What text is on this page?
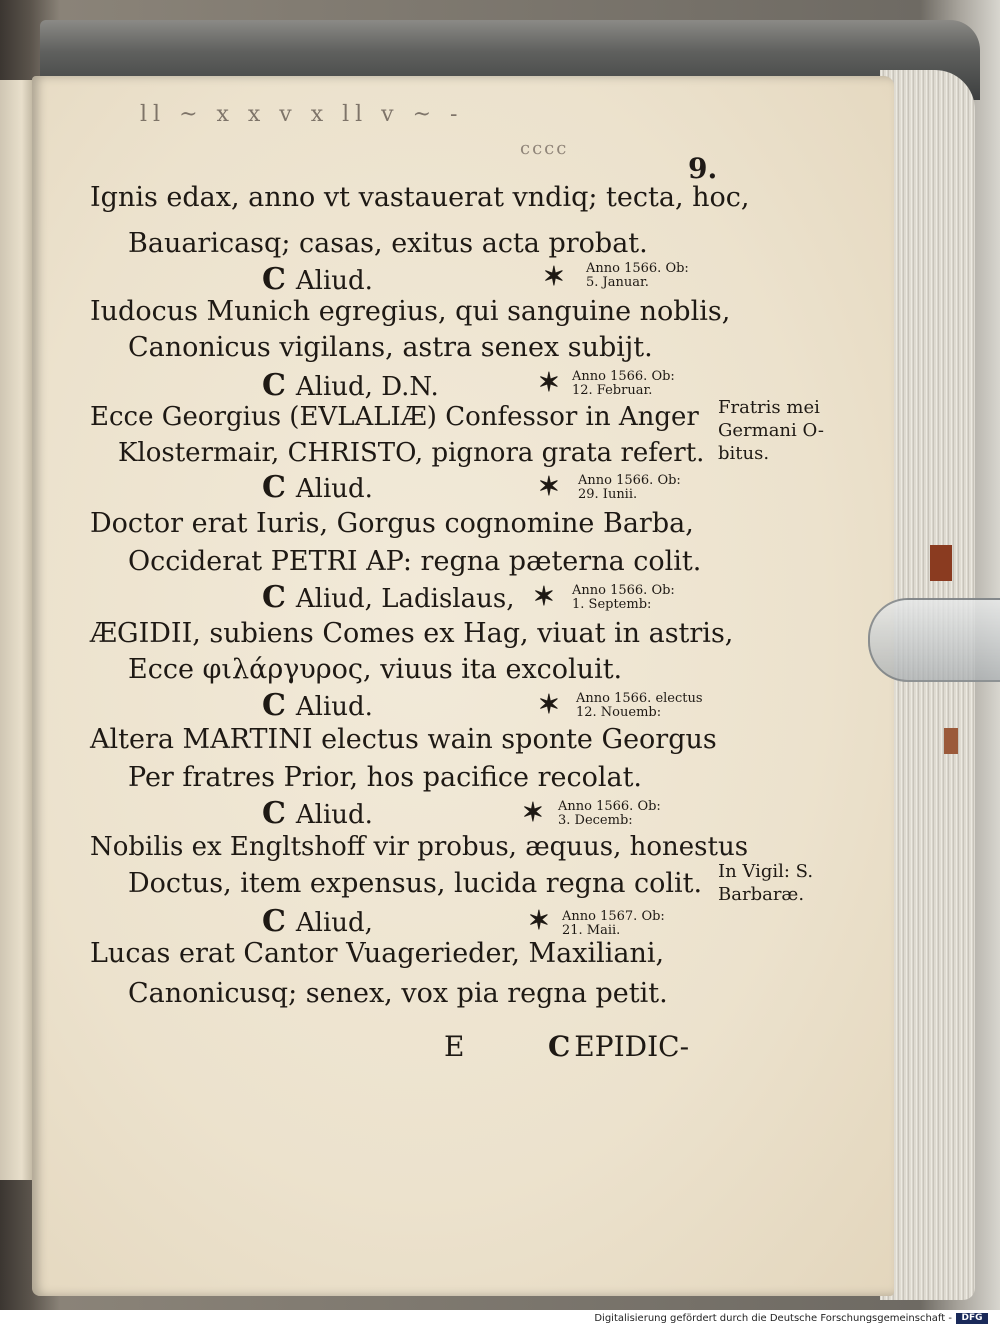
ll ~ x x v x ll v ~ -
cccc
9.
Ignis edax, anno vt vastauerat vndiq; tecta, hoc,
Bauaricasq; casas, exitus acta probat.
C Aliud.	✶ Anno 1566. Ob:
5. Januar.
Iudocus Munich egregius, qui sanguine noblis,
Canonicus vigilans, astra senex subijt.
C Aliud, D.N.	✶ Anno 1566. Ob:
12. Februar.
Ecce Georgius (EVLALIÆ) Confessor in Anger
Klostermair, CHRISTO, pignora grata refert.
C Aliud.	✶ Anno 1566. Ob:
29. Iunii.
Doctor erat Iuris, Gorgus cognomine Barba,
Occiderat PETRI AP: regna pæterna colit.
C Aliud, Ladislaus, ✶ Anno 1566. Ob:
1. Septemb:
ÆGIDII, subiens Comes ex Hag, viuat in astris,
Ecce φιλάργυρος, viuus ita excoluit.
C Aliud.	✶ Anno 1566. electus
12. Nouemb:
Altera MARTINI electus wain sponte Georgus
Per fratres Prior, hos pacifice recolat.
C Aliud.	✶ Anno 1566. Ob:
3. Decemb:
Nobilis ex Engltshoff vir probus, æquus, honestus
Doctus, item expensus, lucida regna colit.
C Aliud,	✶ Anno 1567. Ob:
21. Maii.
Lucas erat Cantor Vuagerieder, Maxiliani,
Canonicusq; senex, vox pia regna petit.
E	C EPIDIC-
Fratris mei
Germani O-
bitus.
In Vigil: S.
Barbaræ.
Digitalisierung gefördert durch die Deutsche Forschungsgemeinschaft -	DFG
